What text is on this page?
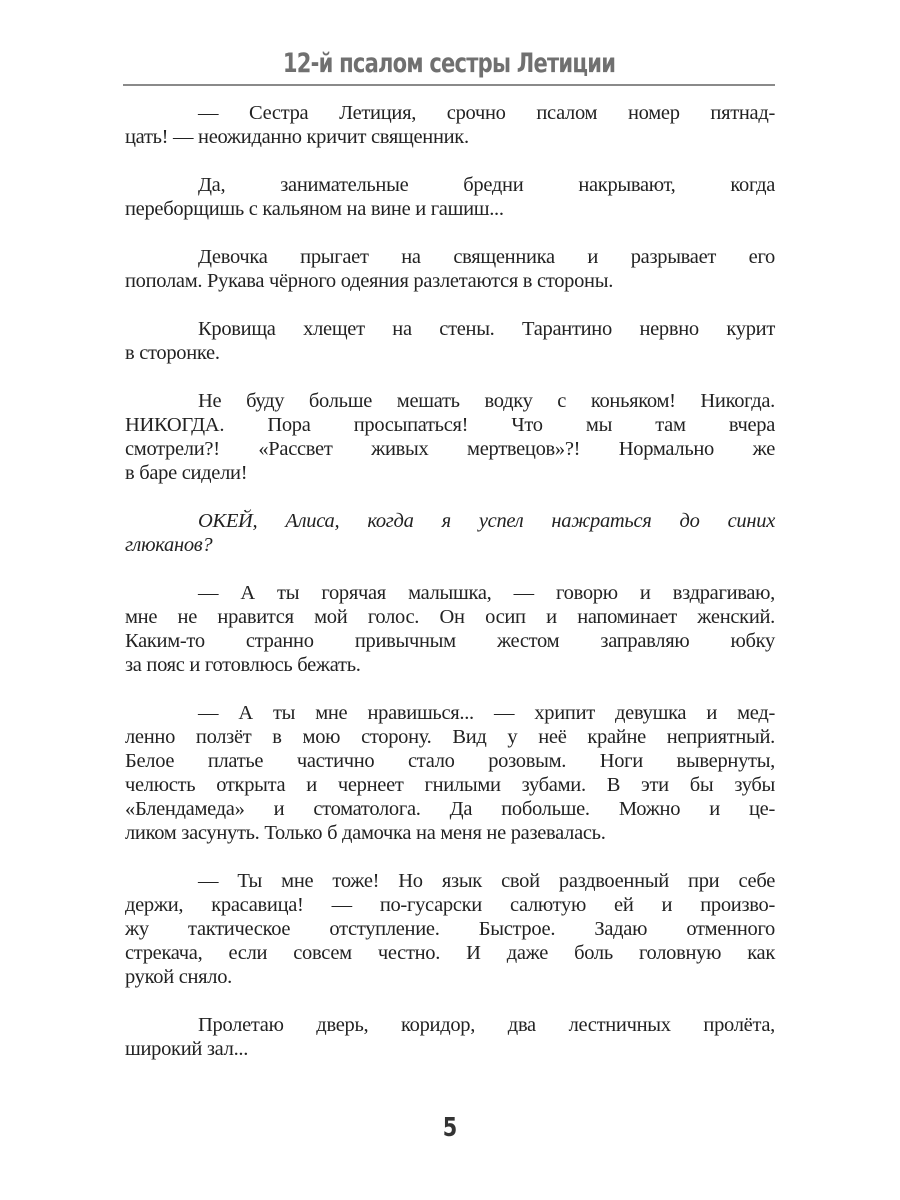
12-й псалом сестры Летиции
— Сестра Летиция, срочно псалом номер пятнад-
цать! — неожиданно кричит священник.
Да, занимательные бредни накрывают, когда
переборщишь с кальяном на вине и гашиш...
Девочка прыгает на священника и разрывает его
пополам. Рукава чёрного одеяния разлетаются в стороны.
Кровища хлещет на стены. Тарантино нервно курит
в сторонке.
Не буду больше мешать водку с коньяком! Никогда.
НИКОГДА. Пора просыпаться! Что мы там вчера
смотрели?! «Рассвет живых мертвецов»?! Нормально же
в баре сидели!
ОКЕЙ, Алиса, когда я успел нажраться до синих
глюканов?
— А ты горячая малышка, — говорю и вздрагиваю,
мне не нравится мой голос. Он осип и напоминает женский.
Каким-то странно привычным жестом заправляю юбку
за пояс и готовлюсь бежать.
— А ты мне нравишься... — хрипит девушка и мед-
ленно ползёт в мою сторону. Вид у неё крайне неприятный.
Белое платье частично стало розовым. Ноги вывернуты,
челюсть открыта и чернеет гнилыми зубами. В эти бы зубы
«Блендамеда» и стоматолога. Да побольше. Можно и це-
ликом засунуть. Только б дамочка на меня не разевалась.
— Ты мне тоже! Но язык свой раздвоенный при себе
держи, красавица! — по-гусарски салютую ей и произво-
жу тактическое отступление. Быстрое. Задаю отменного
стрекача, если совсем честно. И даже боль головную как
рукой сняло.
Пролетаю дверь, коридор, два лестничных пролёта,
широкий зал...
5
